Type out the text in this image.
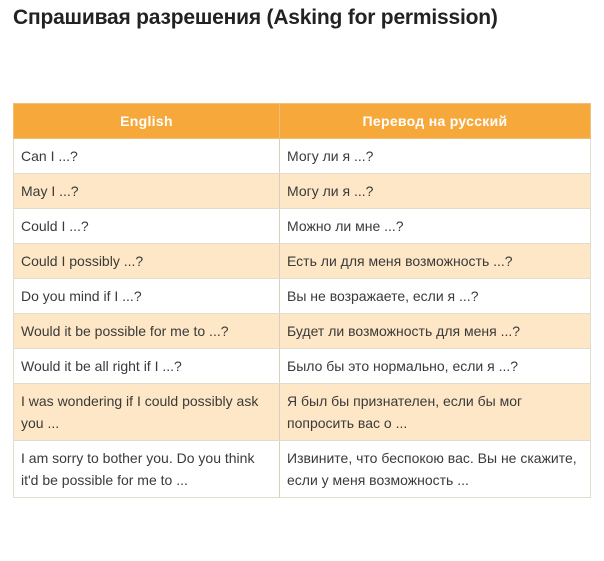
Спрашивая разрешения (Asking for permission)
English	Перевод на русский
Can I ...?	Могу ли я ...?
May I ...?	Могу ли я ...?
Could I ...?	Можно ли мне ...?
Could I possibly ...?	Есть ли для меня возможность ...?
Do you mind if I ...?	Вы не возражаете, если я ...?
Would it be possible for me to ...?	Будет ли возможность для меня ...?
Would it be all right if I ...?	Было бы это нормально, если я ...?
I was wondering if I could possibly ask you ...	Я был бы признателен, если бы мог попросить вас о ...
I am sorry to bother you. Do you think it'd be possible for me to ...	Извините, что беспокою вас. Вы не скажите, если у меня возможность ...
